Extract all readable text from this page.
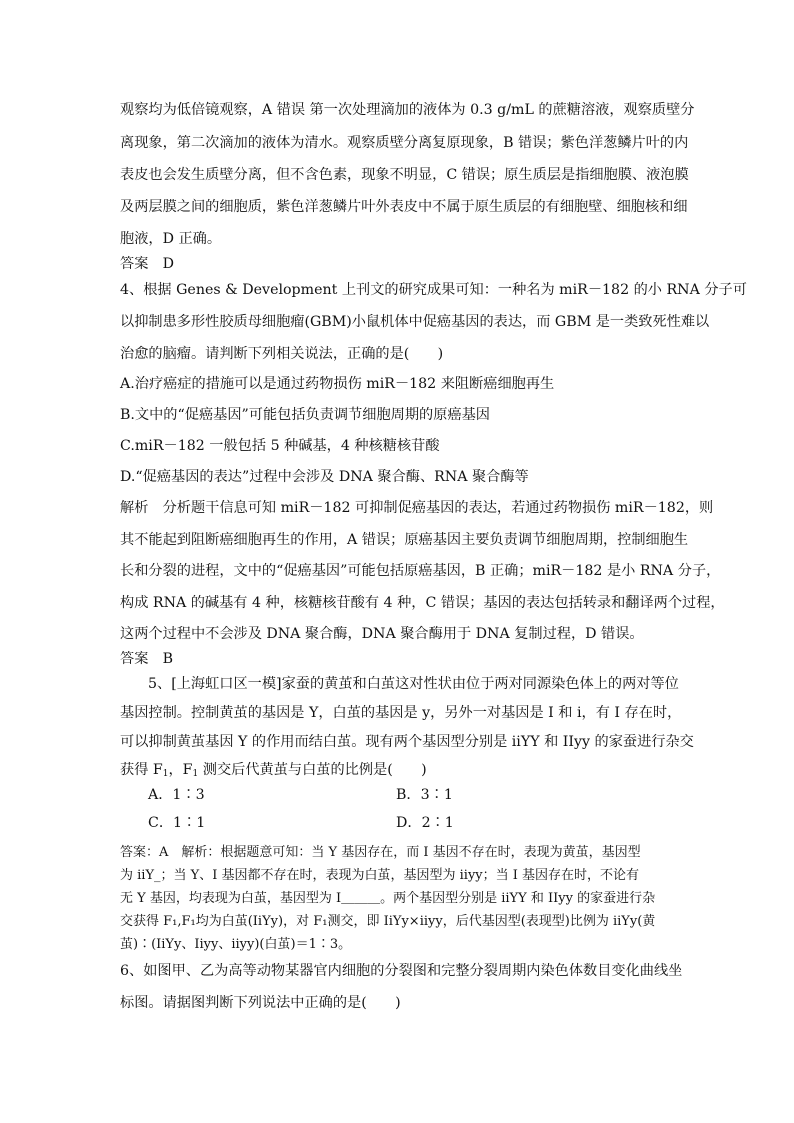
观察均为低倍镜观察，A 错误 第一次处理滴加的液体为 0.3 g/mL 的蔗糖溶液，观察质壁分
离现象，第二次滴加的液体为清水。观察质壁分离复原现象，B 错误；紫色洋葱鳞片叶的内
表皮也会发生质壁分离，但不含色素，现象不明显，C 错误；原生质层是指细胞膜、液泡膜
及两层膜之间的细胞质，紫色洋葱鳞片叶外表皮中不属于原生质层的有细胞壁、细胞核和细
胞液，D 正确。
答案　D
4、根据 Genes & Development 上刊文的研究成果可知：一种名为 miR－182 的小 RNA 分子可
以抑制患多形性胶质母细胞瘤(GBM)小鼠机体中促癌基因的表达，而 GBM 是一类致死性难以
治愈的脑瘤。请判断下列相关说法，正确的是(　　)
A.治疗癌症的措施可以是通过药物损伤 miR－182 来阻断癌细胞再生
B.文中的“促癌基因”可能包括负责调节细胞周期的原癌基因
C.miR－182 一般包括 5 种碱基，4 种核糖核苷酸
D.“促癌基因的表达”过程中会涉及 DNA 聚合酶、RNA 聚合酶等
解析　分析题干信息可知 miR－182 可抑制促癌基因的表达，若通过药物损伤 miR－182，则
其不能起到阻断癌细胞再生的作用，A 错误；原癌基因主要负责调节细胞周期，控制细胞生
长和分裂的进程，文中的“促癌基因”可能包括原癌基因，B 正确；miR－182 是小 RNA 分子，
构成 RNA 的碱基有 4 种，核糖核苷酸有 4 种，C 错误；基因的表达包括转录和翻译两个过程，
这两个过程中不会涉及 DNA 聚合酶，DNA 聚合酶用于 DNA 复制过程，D 错误。
答案　B
5、[上海虹口区一模]家蚕的黄茧和白茧这对性状由位于两对同源染色体上的两对等位
基因控制。控制黄茧的基因是 Y，白茧的基因是 y，另外一对基因是 I 和 i，有 I 存在时，
可以抑制黄茧基因 Y 的作用而结白茧。现有两个基因型分别是 iiYY 和 IIyy 的家蚕进行杂交
获得 $F_1$，$F_1$ 测交后代黄茧与白茧的比例是(　　)
A．1∶3	B．3∶1
C．1∶1	D．2∶1
答案：A　解析：根据题意可知：当 Y 基因存在，而 I 基因不存在时，表现为黄茧，基因型
为 iiY_；当 Y、I 基因都不存在时，表现为白茧，基因型为 iiyy；当 I 基因存在时，不论有
无 Y 基因，均表现为白茧，基因型为 I＿＿＿。两个基因型分别是 iiYY 和 IIyy 的家蚕进行杂
交获得 F₁,F₁均为白茧(IiYy)，对 F₁测交，即 IiYy×iiyy，后代基因型(表现型)比例为 iiYy(黄
茧)∶(IiYy、Iiyy、iiyy)(白茧)＝1∶3。
6、如图甲、乙为高等动物某器官内细胞的分裂图和完整分裂周期内染色体数目变化曲线坐
标图。请据图判断下列说法中正确的是(　　)
